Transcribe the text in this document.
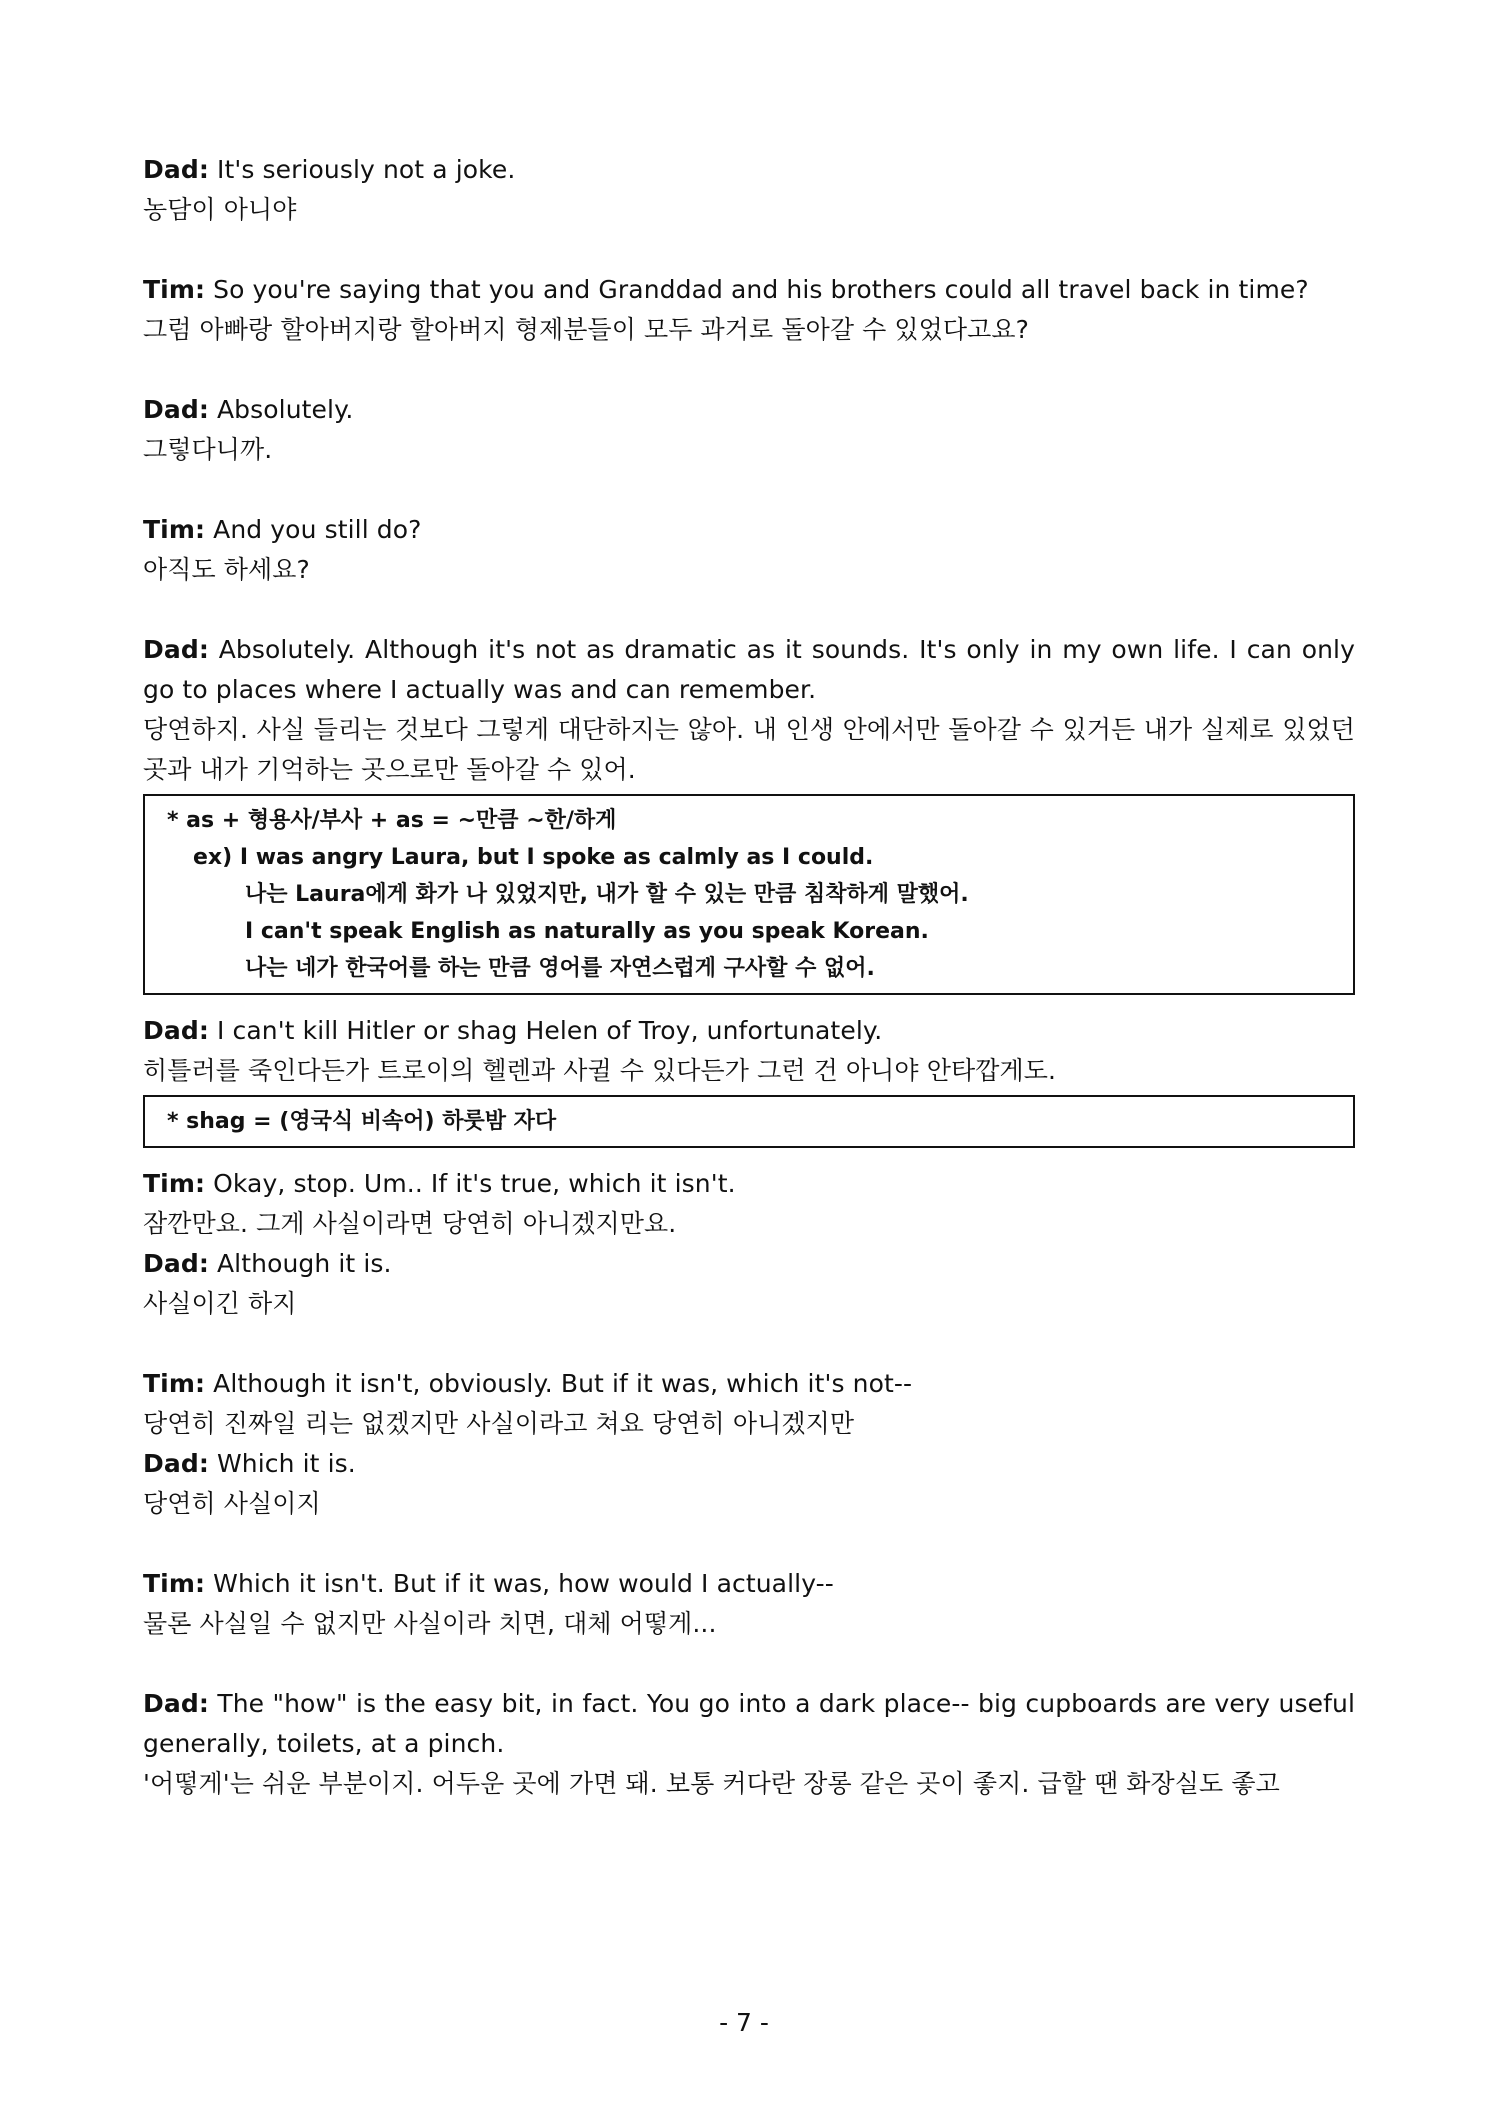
Dad: It's seriously not a joke.

농담이 아니야

Tim: So you're saying that you and Granddad and his brothers could all travel back in time?

그럼 아빠랑 할아버지랑 할아버지 형제분들이 모두 과거로 돌아갈 수 있었다고요?

Dad: Absolutely.

그렇다니까.

Tim: And you still do?

아직도 하세요?

Dad: Absolutely. Although it's not as dramatic as it sounds. It's only in my own life. I can only go to places where I actually was and can remember.

당연하지. 사실 들리는 것보다 그렇게 대단하지는 않아. 내 인생 안에서만 돌아갈 수 있거든 내가 실제로 있었던 곳과 내가 기억하는 곳으로만 돌아갈 수 있어.

* as + 형용사/부사 + as = ~만큼 ~한/하게

ex) I was angry Laura, but I spoke as calmly as I could.

나는 Laura에게 화가 나 있었지만, 내가 할 수 있는 만큼 침착하게 말했어.

I can't speak English as naturally as you speak Korean.

나는 네가 한국어를 하는 만큼 영어를 자연스럽게 구사할 수 없어.

Dad: I can't kill Hitler or shag Helen of Troy, unfortunately.

히틀러를 죽인다든가 트로이의 헬렌과 사귈 수 있다든가 그런 건 아니야 안타깝게도.

* shag = (영국식 비속어) 하룻밤 자다

Tim: Okay, stop. Um.. If it's true, which it isn't.

잠깐만요. 그게 사실이라면 당연히 아니겠지만요.

Dad: Although it is.

사실이긴 하지

Tim: Although it isn't, obviously. But if it was, which it's not--

당연히 진짜일 리는 없겠지만 사실이라고 쳐요 당연히 아니겠지만

Dad: Which it is.

당연히 사실이지

Tim: Which it isn't. But if it was, how would I actually--

물론 사실일 수 없지만 사실이라 치면, 대체 어떻게...

Dad: The "how" is the easy bit, in fact. You go into a dark place-- big cupboards are very useful generally, toilets, at a pinch.

'어떻게'는 쉬운 부분이지. 어두운 곳에 가면 돼. 보통 커다란 장롱 같은 곳이 좋지. 급할 땐 화장실도 좋고

- 7 -
